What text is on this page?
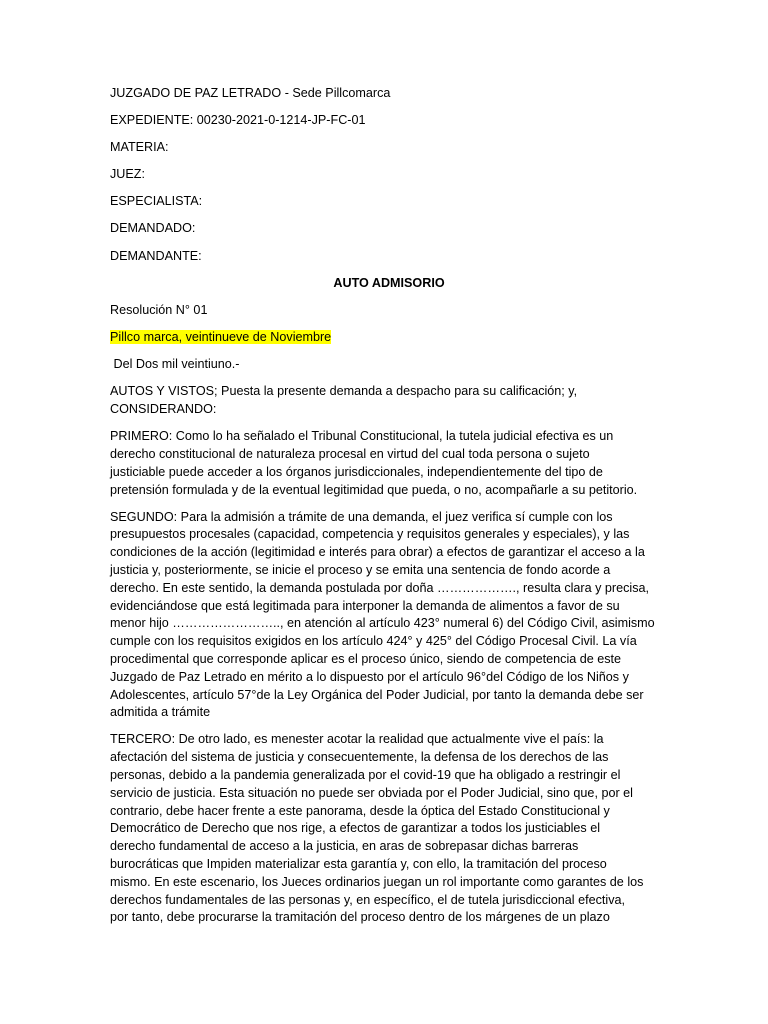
JUZGADO DE PAZ LETRADO - Sede Pillcomarca

EXPEDIENTE: 00230-2021-0-1214-JP-FC-01

MATERIA:

JUEZ:

ESPECIALISTA:

DEMANDADO:

DEMANDANTE:

AUTO ADMISORIO

Resolución N° 01

Pillco marca, veintinueve de Noviembre

Del Dos mil veintiuno.-

AUTOS Y VISTOS; Puesta la presente demanda a despacho para su calificación; y,
CONSIDERANDO:
PRIMERO: Como lo ha señalado el Tribunal Constitucional, la tutela judicial efectiva es un
derecho constitucional de naturaleza procesal en virtud del cual toda persona o sujeto
justiciable puede acceder a los órganos jurisdiccionales, independientemente del tipo de
pretensión formulada y de la eventual legitimidad que pueda, o no, acompañarle a su petitorio.
SEGUNDO: Para la admisión a trámite de una demanda, el juez verifica sí cumple con los
presupuestos procesales (capacidad, competencia y requisitos generales y especiales), y las
condiciones de la acción (legitimidad e interés para obrar) a efectos de garantizar el acceso a la
justicia y, posteriormente, se inicie el proceso y se emita una sentencia de fondo acorde a
derecho. En este sentido, la demanda postulada por doña ………………., resulta clara y precisa,
evidenciándose que está legitimada para interponer la demanda de alimentos a favor de su
menor hijo …………………….., en atención al artículo 423° numeral 6) del Código Civil, asimismo
cumple con los requisitos exigidos en los artículo 424° y 425° del Código Procesal Civil. La vía
procedimental que corresponde aplicar es el proceso único, siendo de competencia de este
Juzgado de Paz Letrado en mérito a lo dispuesto por el artículo 96°del Código de los Niños y
Adolescentes, artículo 57°de la Ley Orgánica del Poder Judicial, por tanto la demanda debe ser
admitida a trámite
TERCERO: De otro lado, es menester acotar la realidad que actualmente vive el país: la
afectación del sistema de justicia y consecuentemente, la defensa de los derechos de las
personas, debido a la pandemia generalizada por el covid-19 que ha obligado a restringir el
servicio de justicia. Esta situación no puede ser obviada por el Poder Judicial, sino que, por el
contrario, debe hacer frente a este panorama, desde la óptica del Estado Constitucional y
Democrático de Derecho que nos rige, a efectos de garantizar a todos los justiciables el
derecho fundamental de acceso a la justicia, en aras de sobrepasar dichas barreras
burocráticas que Impiden materializar esta garantía y, con ello, la tramitación del proceso
mismo. En este escenario, los Jueces ordinarios juegan un rol importante como garantes de los
derechos fundamentales de las personas y, en específico, el de tutela jurisdiccional efectiva,
por tanto, debe procurarse la tramitación del proceso dentro de los márgenes de un plazo
